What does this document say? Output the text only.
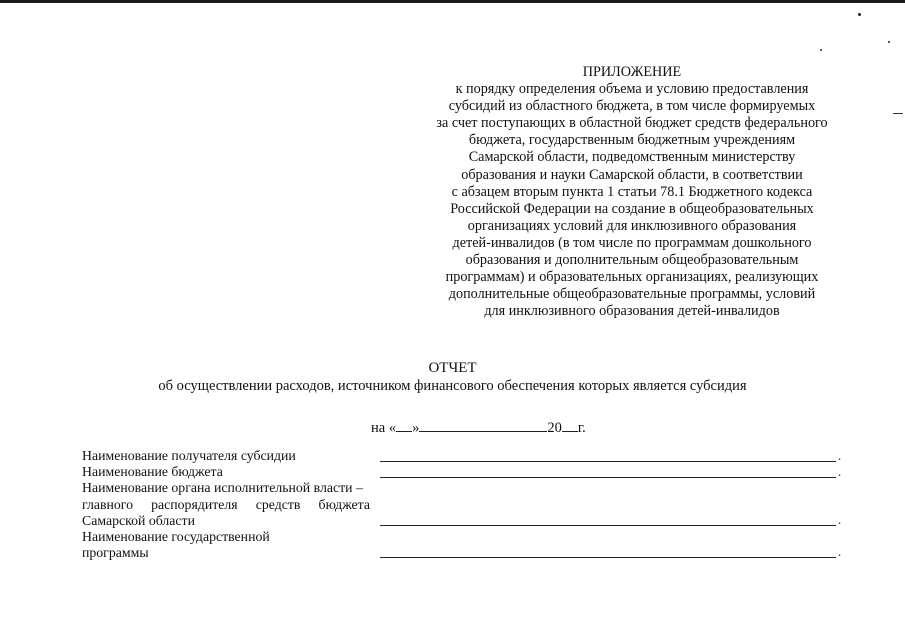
ПРИЛОЖЕНИЕ
к порядку определения объема и условию предоставления
субсидий из областного бюджета, в том числе формируемых
за счет поступающих в областной бюджет средств федерального
бюджета, государственным бюджетным учреждениям
Самарской области, подведомственным министерству
образования и науки Самарской области, в соответствии
с абзацем вторым пункта 1 статьи 78.1 Бюджетного кодекса
Российской Федерации на создание в общеобразовательных
организациях условий для инклюзивного образования
детей-инвалидов (в том числе по программам дошкольного
образования и дополнительным общеобразовательным
программам) и образовательных организациях, реализующих
дополнительные общеобразовательные программы, условий
для инклюзивного образования детей-инвалидов
ОТЧЕТ
об осуществлении расходов, источником финансового обеспечения которых является субсидия
на « »	20 г.
Наименование получателя субсидии
Наименование бюджета
Наименование органа исполнительной власти –
главного распорядителя средств бюджета
Самарской области
Наименование государственной
программы
.
.
.
.
